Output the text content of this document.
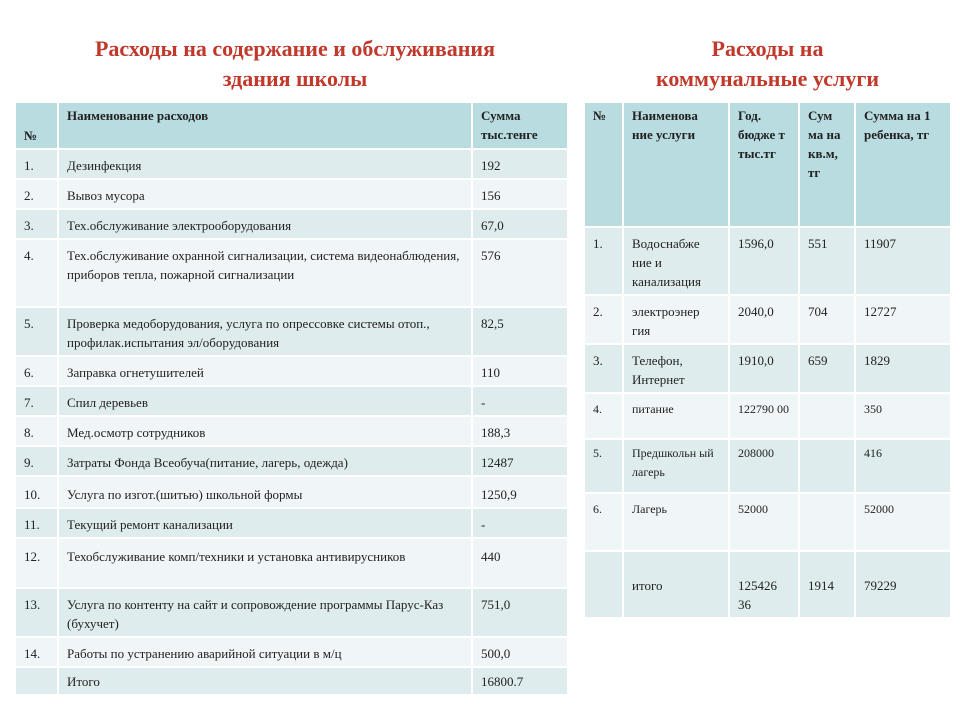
Расходы на содержание и обслуживания
здания школы
Расходы на
коммунальные услуги
№	Наименование расходов	Сумма тыс.тенге
1.	Дезинфекция	192
2.	Вывоз мусора	156
3.	Тех.обслуживание электрооборудования	67,0
4.	Тех.обслуживание охранной сигнализации, система видеонаблюдения, приборов тепла, пожарной сигнализации	576
5.	Проверка медоборудования, услуга по опрессовке системы отоп., профилак.испытания эл/оборудования	82,5
6.	Заправка огнетушителей	110
7.	Спил деревьев	-
8.	Мед.осмотр сотрудников	188,3
9.	Затраты Фонда Всеобуча(питание, лагерь, одежда)	12487
10.	Услуга по изгот.(шитью) школьной формы	1250,9
11.	Текущий ремонт канализации	-
12.	Техобслуживание комп/техники и установка антивирусников	440
13.	Услуга по контенту на сайт и сопровождение программы Парус-Каз (бухучет)	751,0
14.	Работы по устранению аварийной ситуации в м/ц	500,0
	Итого	16800.7
№	Наименова ние услуги	Год. бюдже т тыс.тг	Сум ма на кв.м, тг	Сумма на 1 ребенка, тг
1.	Водоснабже ние и канализация	1596,0	551	11907
2.	электроэнер гия	2040,0	704	12727
3.	Телефон, Интернет	1910,0	659	1829
4.	питание	122790 00		350
5.	Предшкольн ый лагерь	208000		416
6.	Лагерь	52000		52000
	итого	125426 36	1914	79229
